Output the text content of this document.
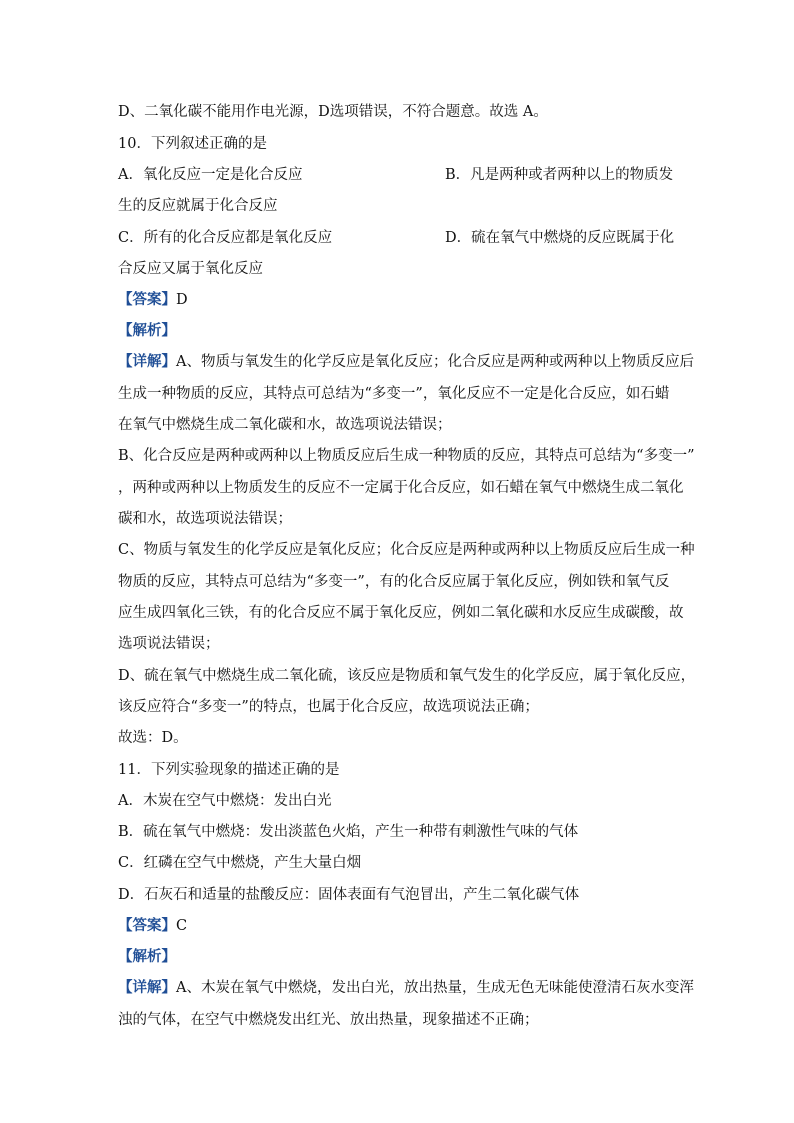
D、二氧化碳不能用作电光源，D选项错误，不符合题意。故选 A。
10．下列叙述正确的是
A．氧化反应一定是化合反应	B．凡是两种或者两种以上的物质发
生的反应就属于化合反应
C．所有的化合反应都是氧化反应	D．硫在氧气中燃烧的反应既属于化
合反应又属于氧化反应
【答案】D
【解析】
【详解】A、物质与氧发生的化学反应是氧化反应；化合反应是两种或两种以上物质反应后
生成一种物质的反应，其特点可总结为“多变一”，氧化反应不一定是化合反应，如石蜡
在氧气中燃烧生成二氧化碳和水，故选项说法错误；
B、化合反应是两种或两种以上物质反应后生成一种物质的反应，其特点可总结为“多变一”
，两种或两种以上物质发生的反应不一定属于化合反应，如石蜡在氧气中燃烧生成二氧化
碳和水，故选项说法错误；
C、物质与氧发生的化学反应是氧化反应；化合反应是两种或两种以上物质反应后生成一种
物质的反应，其特点可总结为“多变一”，有的化合反应属于氧化反应，例如铁和氧气反
应生成四氧化三铁，有的化合反应不属于氧化反应，例如二氧化碳和水反应生成碳酸，故
选项说法错误；
D、硫在氧气中燃烧生成二氧化硫，该反应是物质和氧气发生的化学反应，属于氧化反应，
该反应符合“多变一”的特点，也属于化合反应，故选项说法正确；
故选：D。
11．下列实验现象的描述正确的是
A．木炭在空气中燃烧：发出白光
B．硫在氧气中燃烧：发出淡蓝色火焰，产生一种带有刺激性气味的气体
C．红磷在空气中燃烧，产生大量白烟
D．石灰石和适量的盐酸反应：固体表面有气泡冒出，产生二氧化碳气体
【答案】C
【解析】
【详解】A、木炭在氧气中燃烧，发出白光，放出热量，生成无色无味能使澄清石灰水变浑
浊的气体，在空气中燃烧发出红光、放出热量，现象描述不正确；
